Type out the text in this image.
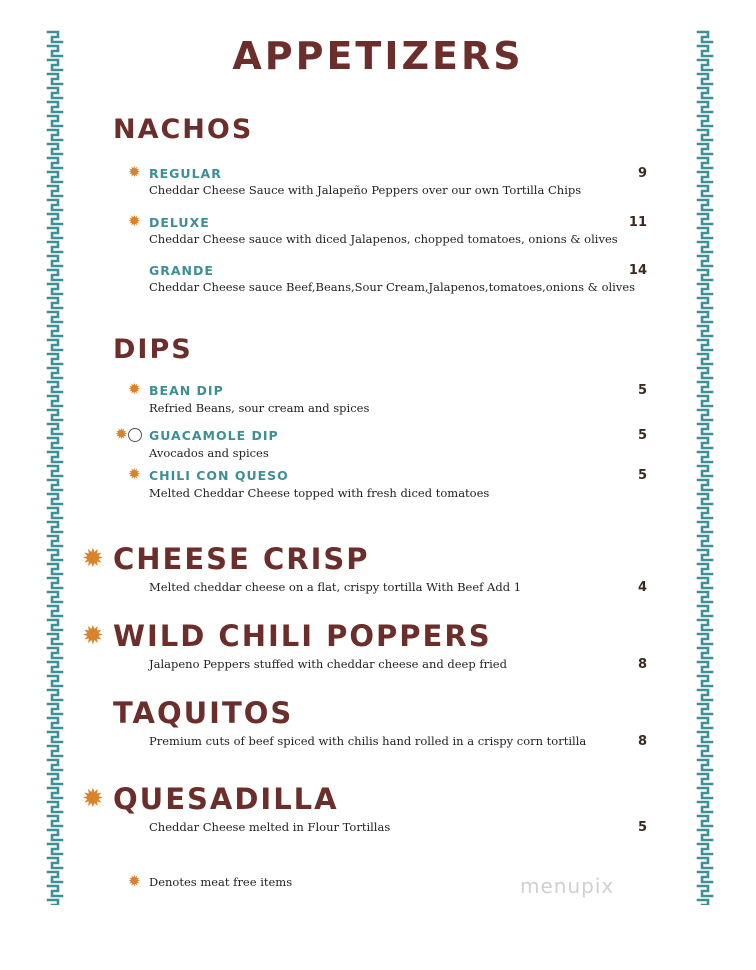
APPETIZERS
NACHOS
✹ REGULAR
Cheddar Cheese Sauce with Jalapeño Peppers over our own Tortilla Chips
9
✹ DELUXE
Cheddar Cheese sauce with diced Jalapenos, chopped tomatoes, onions & olives
11
GRANDE
Cheddar Cheese sauce Beef,Beans,Sour Cream,Jalapenos,tomatoes,onions & olives
14
DIPS
✹ BEAN DIP
Refried Beans, sour cream and spices
5
✹ GUACAMOLE DIP
Avocados and spices
5
✹ CHILI CON QUESO
Melted Cheddar Cheese topped with fresh diced tomatoes
5
✹ CHEESE CRISP
Melted cheddar cheese on a flat, crispy tortilla With Beef Add 1	4
✹ WILD CHILI POPPERS
Jalapeno Peppers stuffed with cheddar cheese and deep fried	8
TAQUITOS
Premium cuts of beef spiced with chilis hand rolled in a crispy corn tortilla	8
✹ QUESADILLA
Cheddar Cheese melted in Flour Tortillas	5
✹ Denotes meat free items	menupix
